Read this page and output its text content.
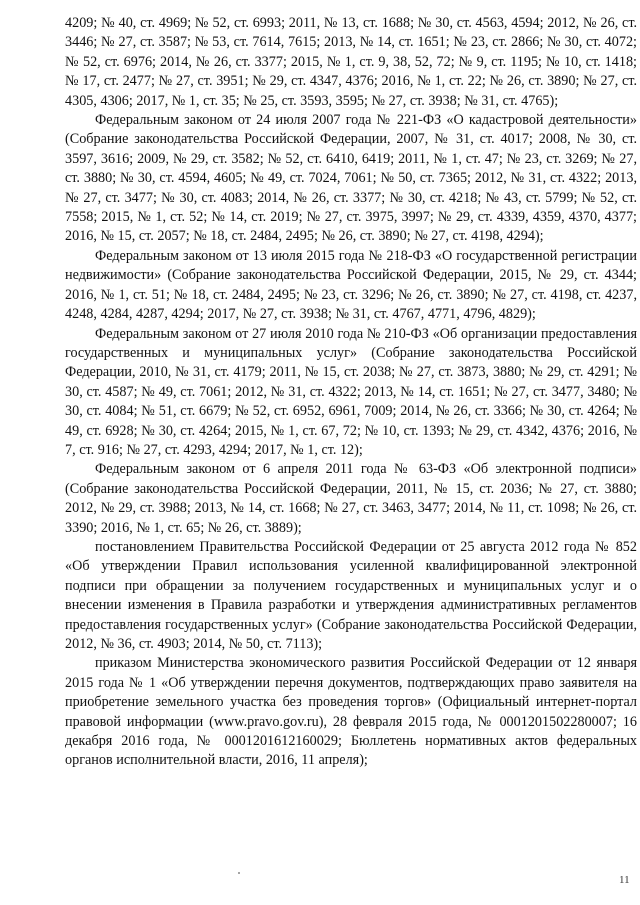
4209; № 40, ст. 4969; № 52, ст. 6993; 2011, № 13, ст. 1688; № 30, ст. 4563, 4594; 2012, № 26, ст. 3446; № 27, ст. 3587; № 53, ст. 7614, 7615; 2013, № 14, ст. 1651; № 23, ст. 2866; № 30, ст. 4072; № 52, ст. 6976; 2014, № 26, ст. 3377; 2015, № 1, ст. 9, 38, 52, 72; № 9, ст. 1195; № 10, ст. 1418; № 17, ст. 2477; № 27, ст. 3951; № 29, ст. 4347, 4376; 2016, № 1, ст. 22; № 26, ст. 3890; № 27, ст. 4305, 4306; 2017, № 1, ст. 35; № 25, ст. 3593, 3595; № 27, ст. 3938; № 31, ст. 4765);

Федеральным законом от 24 июля 2007 года № 221-ФЗ «О кадастровой деятельности» (Собрание законодательства Российской Федерации, 2007, № 31, ст. 4017; 2008, № 30, ст. 3597, 3616; 2009, № 29, ст. 3582; № 52, ст. 6410, 6419; 2011, № 1, ст. 47; № 23, ст. 3269; № 27, ст. 3880; № 30, ст. 4594, 4605; № 49, ст. 7024, 7061; № 50, ст. 7365; 2012, № 31, ст. 4322; 2013, № 27, ст. 3477; № 30, ст. 4083; 2014, № 26, ст. 3377; № 30, ст. 4218; № 43, ст. 5799; № 52, ст. 7558; 2015, № 1, ст. 52; № 14, ст. 2019; № 27, ст. 3975, 3997; № 29, ст. 4339, 4359, 4370, 4377; 2016, № 15, ст. 2057; № 18, ст. 2484, 2495; № 26, ст. 3890; № 27, ст. 4198, 4294);

Федеральным законом от 13 июля 2015 года № 218-ФЗ «О государственной регистрации недвижимости» (Собрание законодательства Российской Федерации, 2015, № 29, ст. 4344; 2016, № 1, ст. 51; № 18, ст. 2484, 2495; № 23, ст. 3296; № 26, ст. 3890; № 27, ст. 4198, ст. 4237, 4248, 4284, 4287, 4294; 2017, № 27, ст. 3938; № 31, ст. 4767, 4771, 4796, 4829);

Федеральным законом от 27 июля 2010 года № 210-ФЗ «Об организации предоставления государственных и муниципальных услуг» (Собрание законодательства Российской Федерации, 2010, № 31, ст. 4179; 2011, № 15, ст. 2038; № 27, ст. 3873, 3880; № 29, ст. 4291; № 30, ст. 4587; № 49, ст. 7061; 2012, № 31, ст. 4322; 2013, № 14, ст. 1651; № 27, ст. 3477, 3480; № 30, ст. 4084; № 51, ст. 6679; № 52, ст. 6952, 6961, 7009; 2014, № 26, ст. 3366; № 30, ст. 4264; № 49, ст. 6928; № 30, ст. 4264; 2015, № 1, ст. 67, 72; № 10, ст. 1393; № 29, ст. 4342, 4376; 2016, № 7, ст. 916; № 27, ст. 4293, 4294; 2017, № 1, ст. 12);

Федеральным законом от 6 апреля 2011 года № 63-ФЗ «Об электронной подписи» (Собрание законодательства Российской Федерации, 2011, № 15, ст. 2036; № 27, ст. 3880; 2012, № 29, ст. 3988; 2013, № 14, ст. 1668; № 27, ст. 3463, 3477; 2014, № 11, ст. 1098; № 26, ст. 3390; 2016, № 1, ст. 65; № 26, ст. 3889);

постановлением Правительства Российской Федерации от 25 августа 2012 года № 852 «Об утверждении Правил использования усиленной квалифицированной электронной подписи при обращении за получением государственных и муниципальных услуг и о внесении изменения в Правила разработки и утверждения административных регламентов предоставления государственных услуг» (Собрание законодательства Российской Федерации, 2012, № 36, ст. 4903; 2014, № 50, ст. 7113);

приказом Министерства экономического развития Российской Федерации от 12 января 2015 года № 1 «Об утверждении перечня документов, подтверждающих право заявителя на приобретение земельного участка без проведения торгов» (Официальный интернет-портал правовой информации (www.pravo.gov.ru), 28 февраля 2015 года, № 0001201502280007; 16 декабря 2016 года, № 0001201612160029; Бюллетень нормативных актов федеральных органов исполнительной власти, 2016, 11 апреля);

11
